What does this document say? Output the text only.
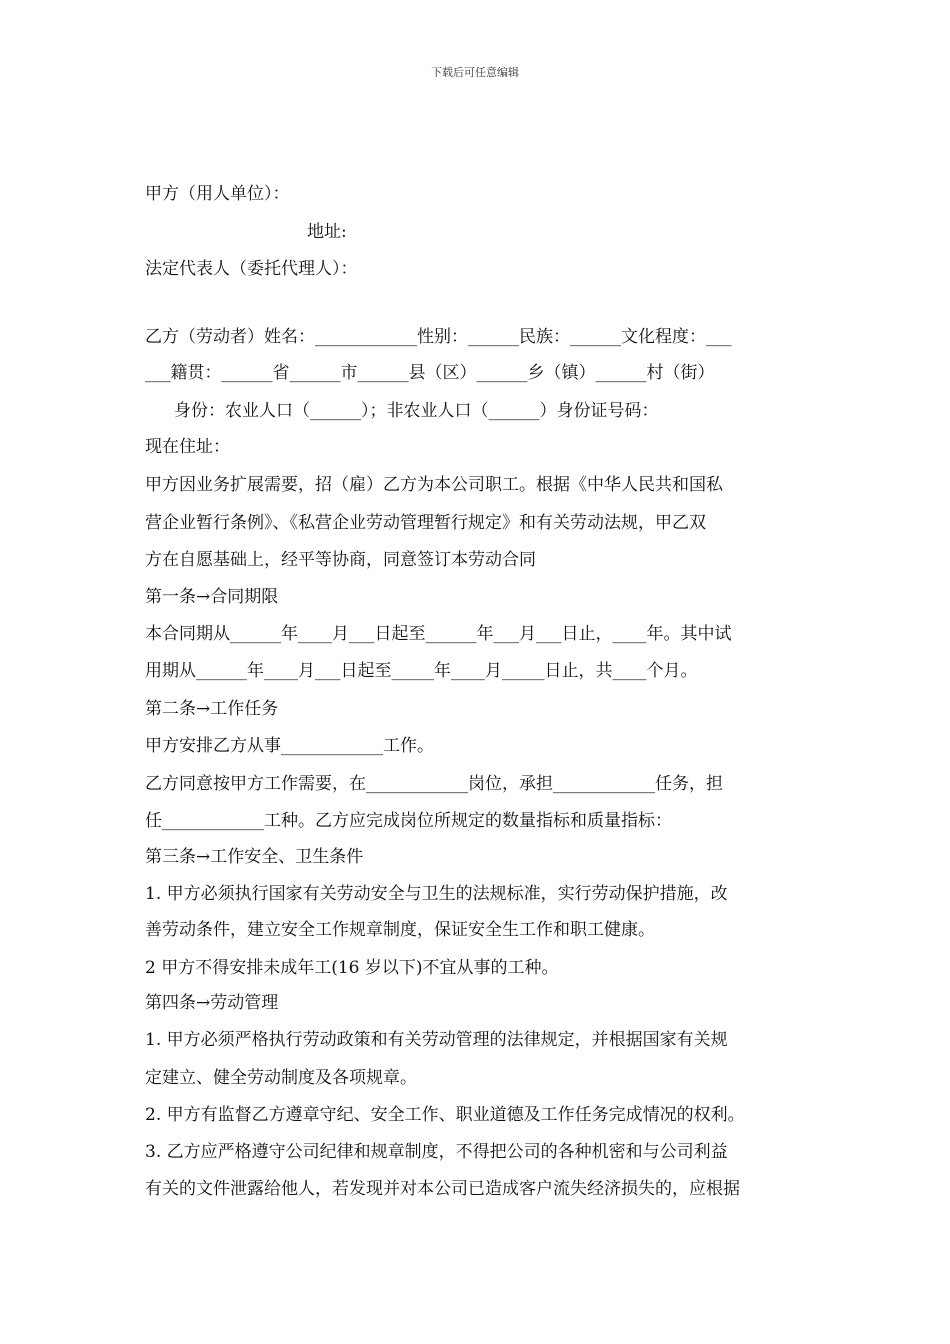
下载后可任意编辑
甲方（用人单位）：
地址:
法定代表人（委托代理人）：
乙方（劳动者）姓名：____________性别：______民族：______文化程度：___
___籍贯：______省______市______县（区）______乡（镇）______村（街）
身份：农业人口（______）；非农业人口（______）身份证号码：
现在住址：
甲方因业务扩展需要，招（雇）乙方为本公司职工。根据《中华人民共和国私
营企业暂行条例》、《私营企业劳动管理暂行规定》和有关劳动法规，甲乙双
方在自愿基础上，经平等协商，同意签订本劳动合同
第一条→合同期限
本合同期从______年____月___日起至______年___月___日止，____年。其中试
用期从______年____月___日起至_____年____月_____日止，共____个月。
第二条→工作任务
甲方安排乙方从事____________工作。
乙方同意按甲方工作需要，在____________岗位，承担____________任务，担
任____________工种。乙方应完成岗位所规定的数量指标和质量指标：
第三条→工作安全、卫生条件
1. 甲方必须执行国家有关劳动安全与卫生的法规标准，实行劳动保护措施，改
善劳动条件，建立安全工作规章制度，保证安全生工作和职工健康。
2 甲方不得安排未成年工(16 岁以下)不宜从事的工种。
第四条→劳动管理
1. 甲方必须严格执行劳动政策和有关劳动管理的法律规定，并根据国家有关规
定建立、健全劳动制度及各项规章。
2. 甲方有监督乙方遵章守纪、安全工作、职业道德及工作任务完成情况的权利。
3. 乙方应严格遵守公司纪律和规章制度，不得把公司的各种机密和与公司利益
有关的文件泄露给他人，若发现并对本公司已造成客户流失经济损失的，应根据
